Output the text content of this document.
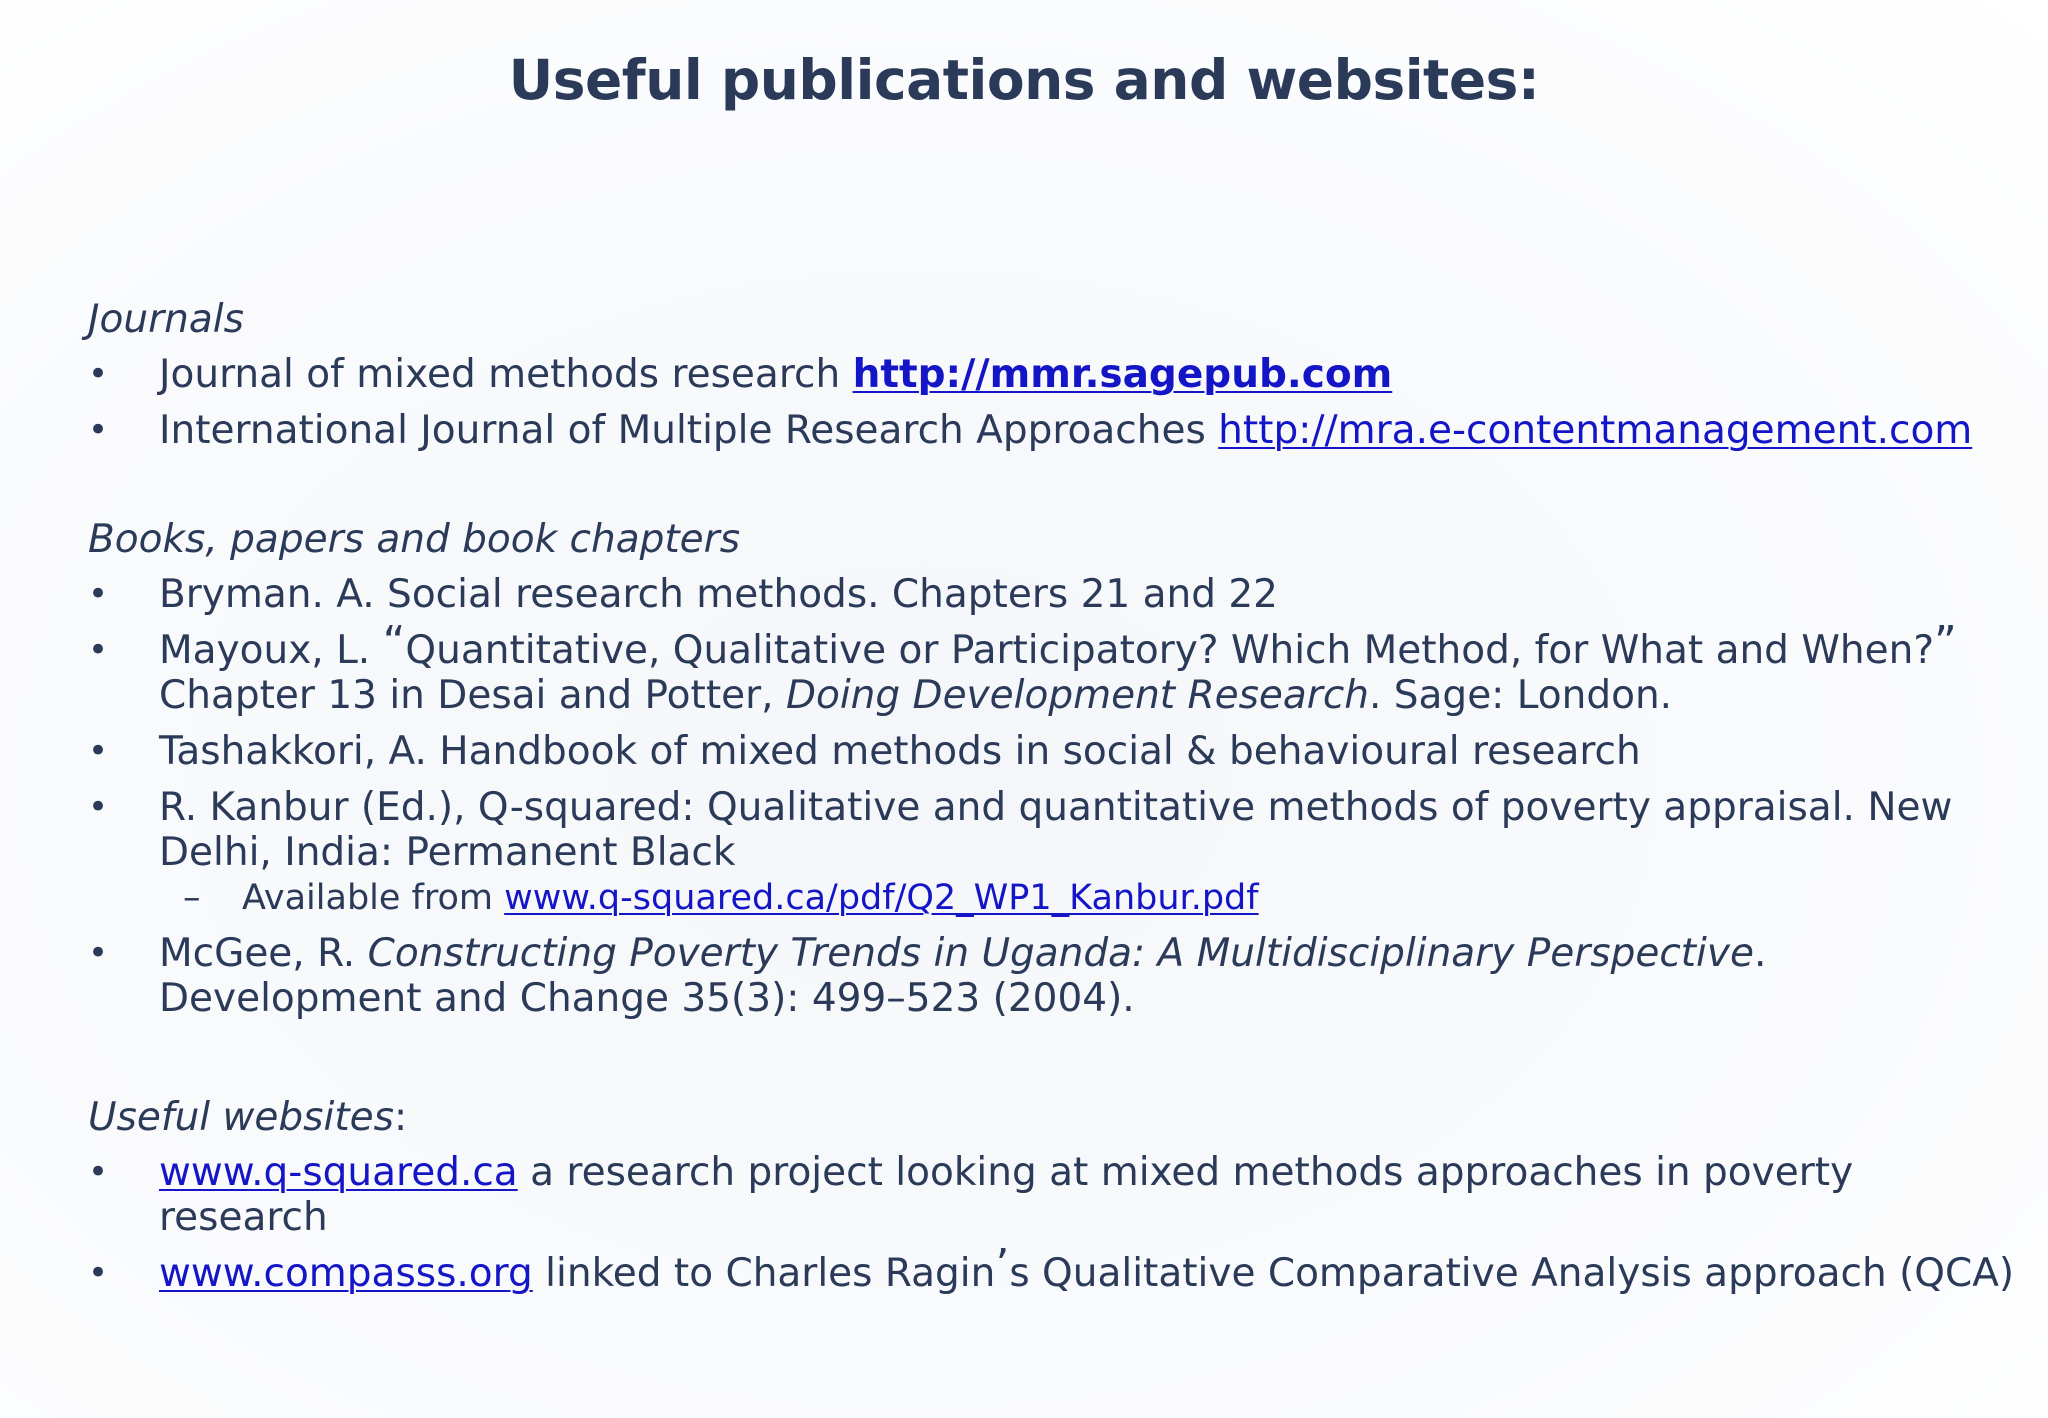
Useful publications and websites:
Journals
• Journal of mixed methods research http://mmr.sagepub.com
• International Journal of Multiple Research Approaches http://mra.e-contentmanagement.com
Books, papers and book chapters
• Bryman. A. Social research methods. Chapters 21 and 22
• Mayoux, L. “Quantitative, Qualitative or Participatory? Which Method, for What and When?”
Chapter 13 in Desai and Potter, Doing Development Research. Sage: London.
• Tashakkori, A. Handbook of mixed methods in social & behavioural research
• R. Kanbur (Ed.), Q-squared: Qualitative and quantitative methods of poverty appraisal. New
Delhi, India: Permanent Black
– Available from www.q-squared.ca/pdf/Q2_WP1_Kanbur.pdf
• McGee, R. Constructing Poverty Trends in Uganda: A Multidisciplinary Perspective.
Development and Change 35(3): 499–523 (2004).
Useful websites:
• www.q-squared.ca a research project looking at mixed methods approaches in poverty
research
• www.compasss.org linked to Charles Ragin’s Qualitative Comparative Analysis approach (QCA)
